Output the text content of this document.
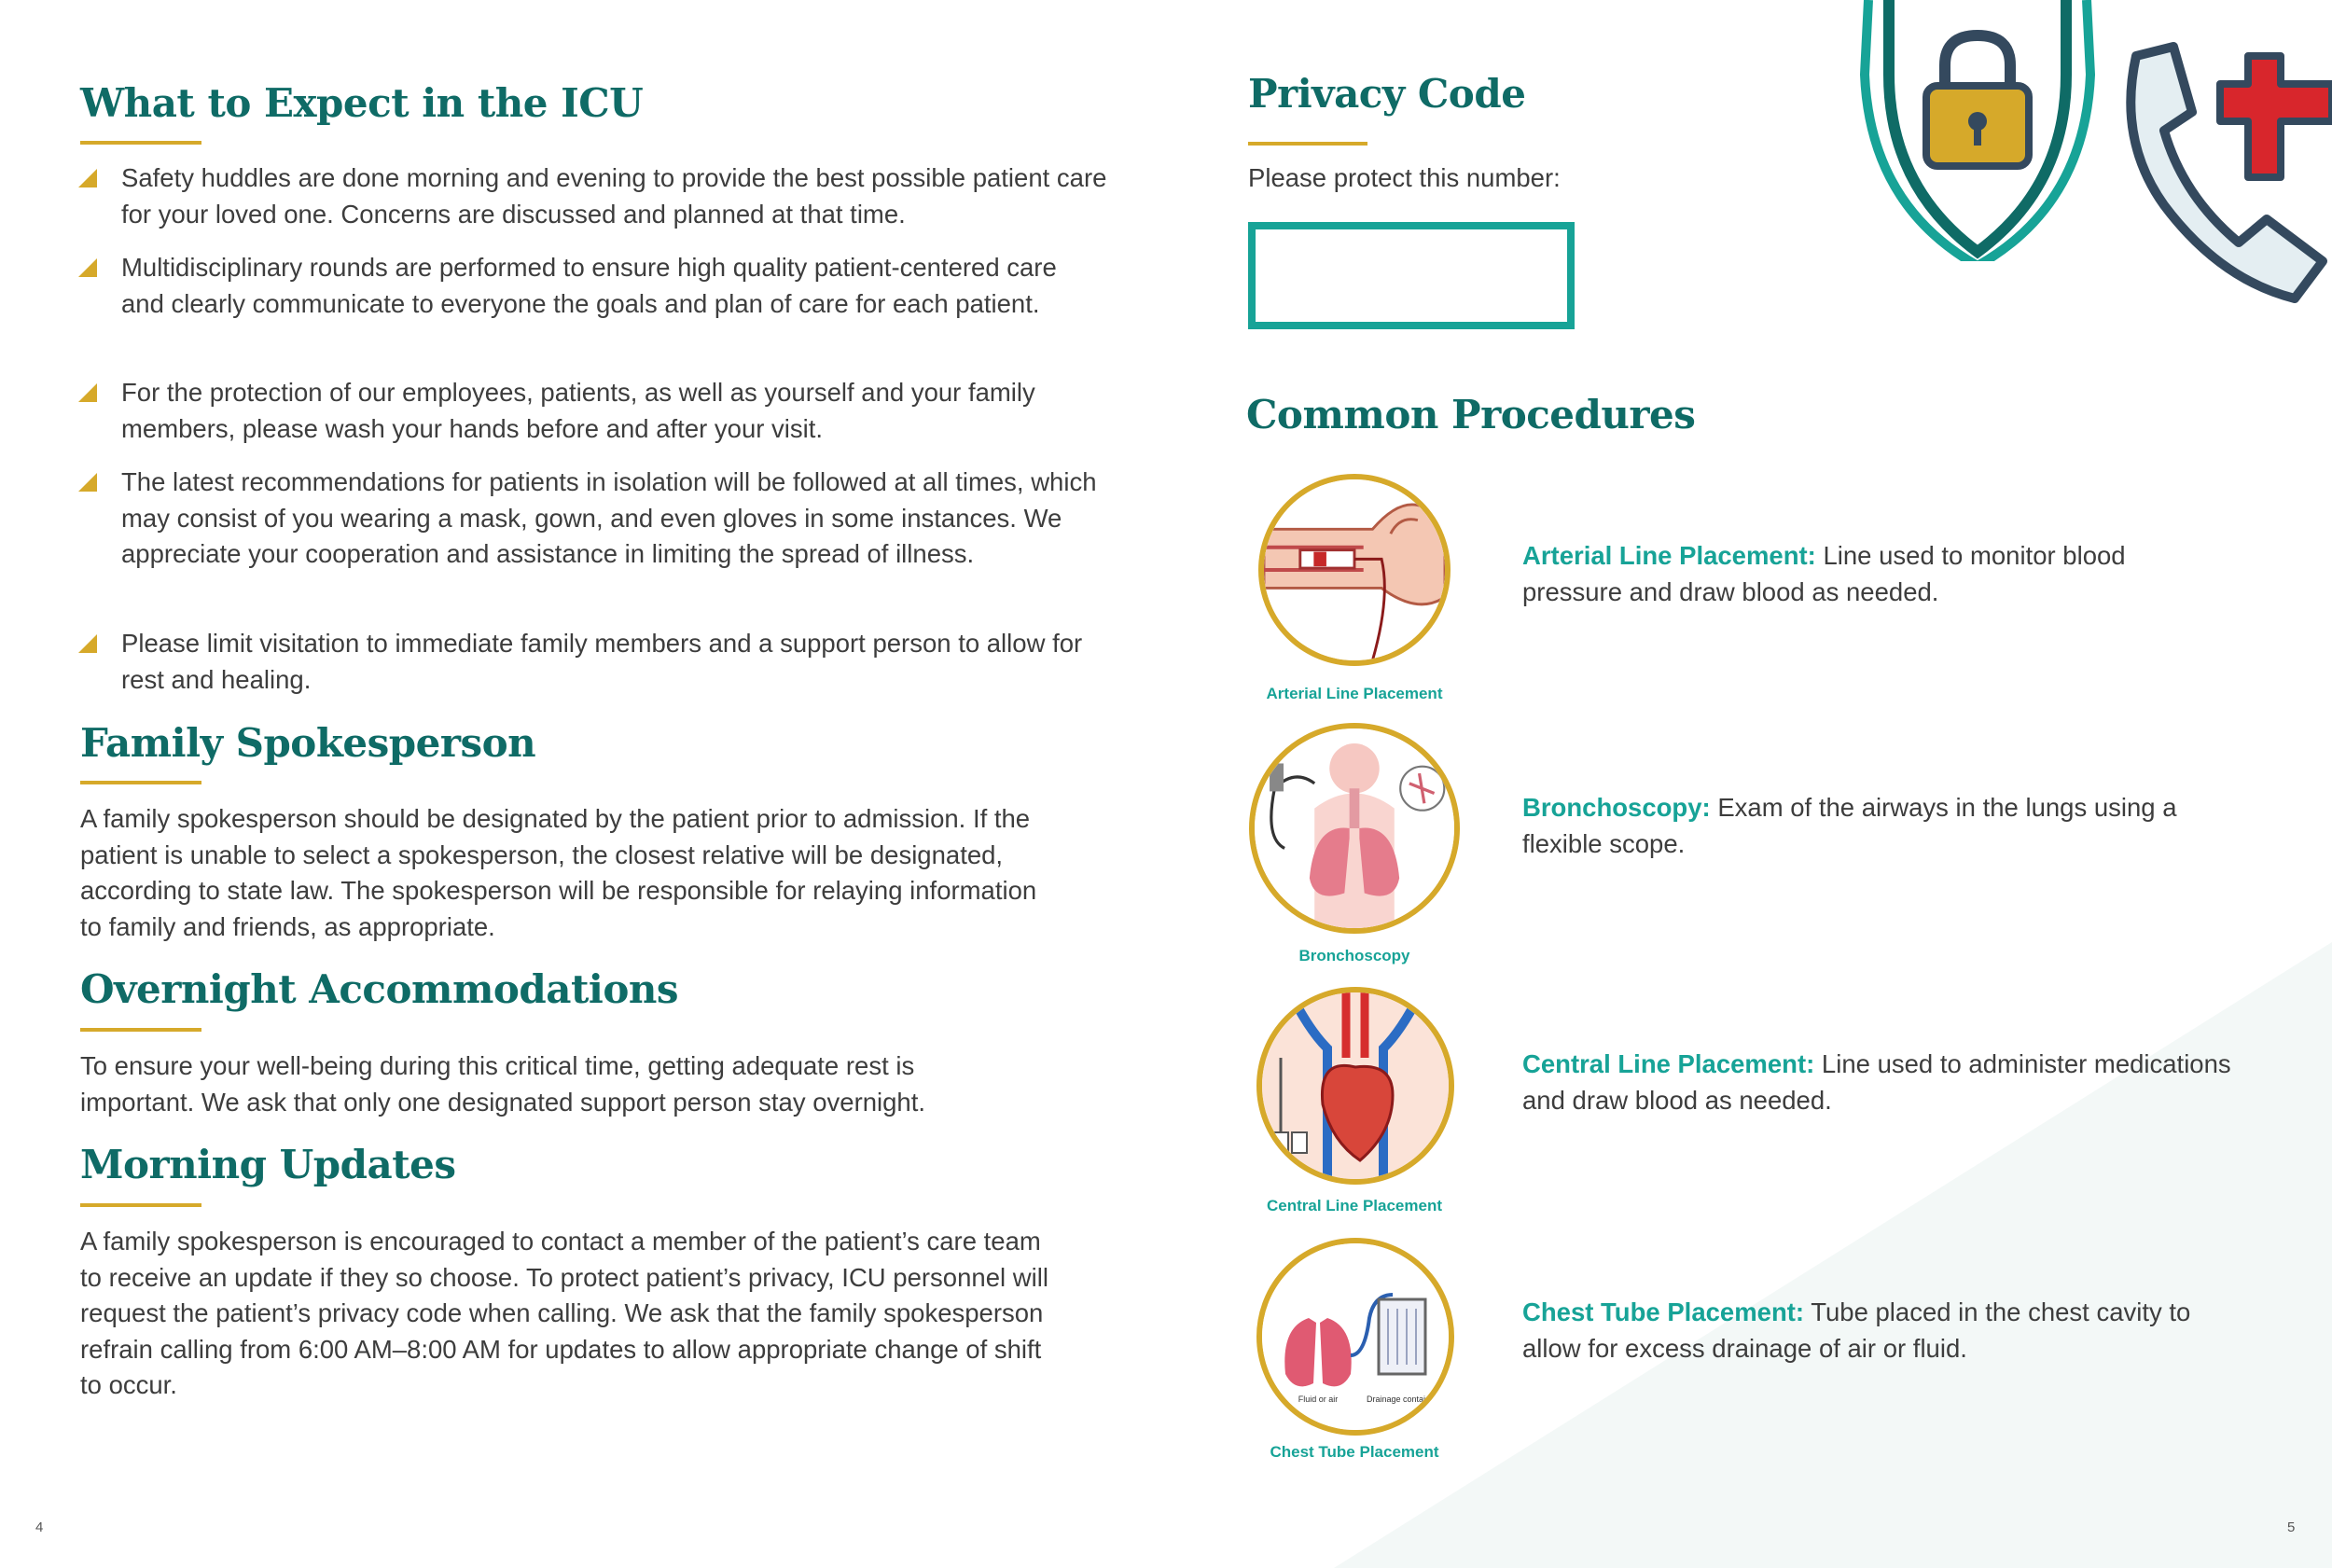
What to Expect in the ICU

Safety huddles are done morning and evening to provide the best possible patient care for your loved one. Concerns are discussed and planned at that time.

Multidisciplinary rounds are performed to ensure high quality patient-centered care and clearly communicate to everyone the goals and plan of care for each patient.

For the protection of our employees, patients, as well as yourself and your family members, please wash your hands before and after your visit.

The latest recommendations for patients in isolation will be followed at all times, which may consist of you wearing a mask, gown, and even gloves in some instances. We appreciate your cooperation and assistance in limiting the spread of illness.

Please limit visitation to immediate family members and a support person to allow for rest and healing.

Family Spokesperson

A family spokesperson should be designated by the patient prior to admission. If the patient is unable to select a spokesperson, the closest relative will be designated, according to state law. The spokesperson will be responsible for relaying information to family and friends, as appropriate.

Overnight Accommodations

To ensure your well-being during this critical time, getting adequate rest is important. We ask that only one designated support person stay overnight.

Morning Updates

A family spokesperson is encouraged to contact a member of the patient’s care team to receive an update if they so choose. To protect patient’s privacy, ICU personnel will request the patient’s privacy code when calling. We ask that the family spokesperson refrain calling from 6:00 AM–8:00 AM for updates to allow appropriate change of shift to occur.

4
Privacy Code

Please protect this number:

Common Procedures
Arterial Line Placement

Arterial Line Placement: Line used to monitor blood pressure and draw blood as needed.

Bronchoscopy

Bronchoscopy: Exam of the airways in the lungs using a flexible scope.

Central Line Placement

Central Line Placement: Line used to administer medications and draw blood as needed.

Fluid or air	Drainage container
Chest Tube Placement

Chest Tube Placement: Tube placed in the chest cavity to allow for excess drainage of air or fluid.

5
